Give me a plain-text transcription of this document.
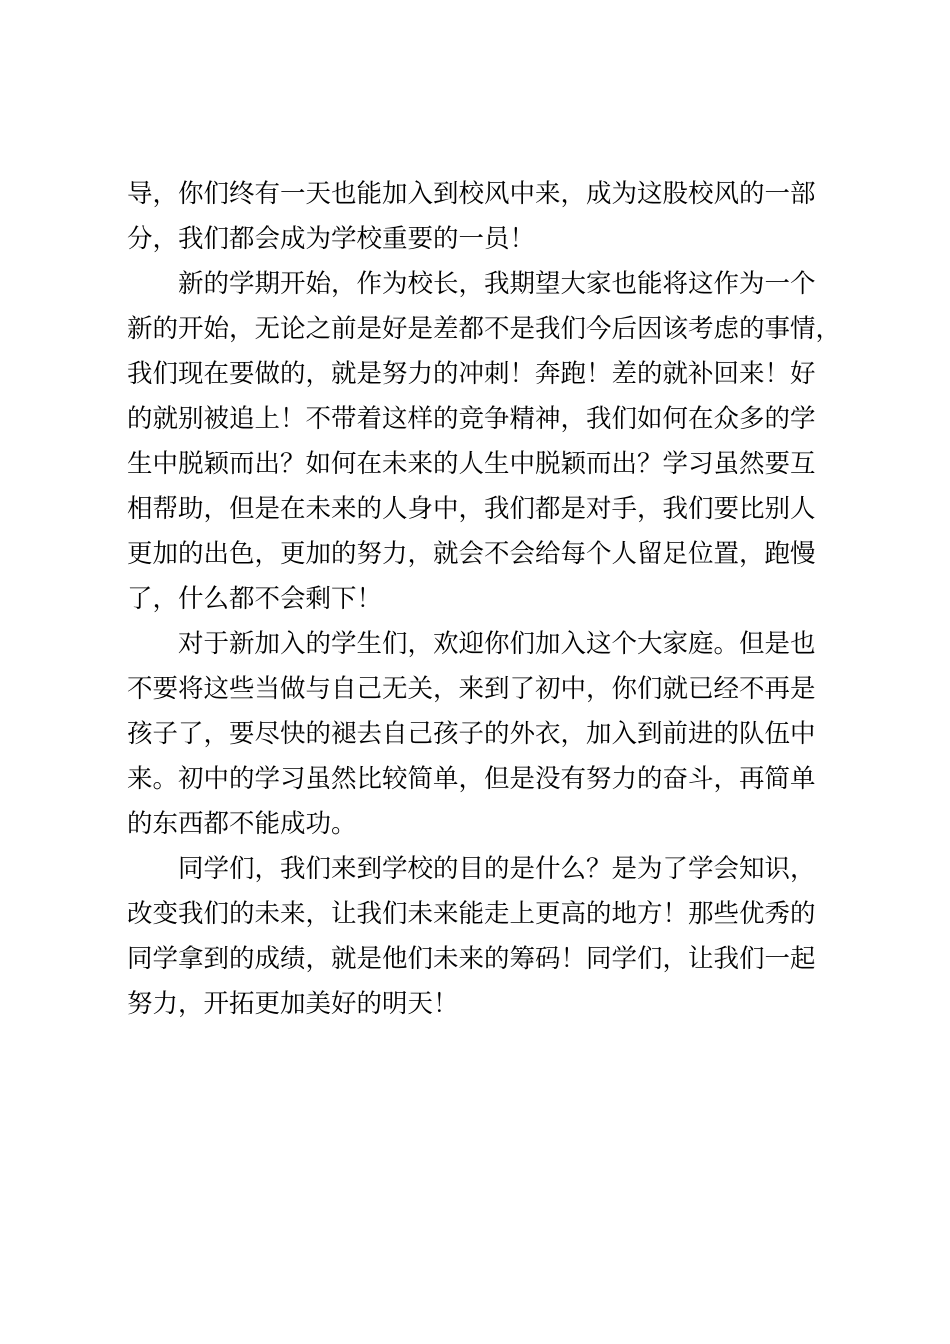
导，你们终有一天也能加入到校风中来，成为这股校风的一部
分，我们都会成为学校重要的一员！
新的学期开始，作为校长，我期望大家也能将这作为一个
新的开始，无论之前是好是差都不是我们今后因该考虑的事情，
我们现在要做的，就是努力的冲刺！奔跑！差的就补回来！好
的就别被追上！不带着这样的竞争精神，我们如何在众多的学
生中脱颖而出？如何在未来的人生中脱颖而出？学习虽然要互
相帮助，但是在未来的人身中，我们都是对手，我们要比别人
更加的出色，更加的努力，就会不会给每个人留足位置，跑慢
了，什么都不会剩下！
对于新加入的学生们，欢迎你们加入这个大家庭。但是也
不要将这些当做与自己无关，来到了初中，你们就已经不再是
孩子了，要尽快的褪去自己孩子的外衣，加入到前进的队伍中
来。初中的学习虽然比较简单，但是没有努力的奋斗，再简单
的东西都不能成功。
同学们，我们来到学校的目的是什么？是为了学会知识，
改变我们的未来，让我们未来能走上更高的地方！那些优秀的
同学拿到的成绩，就是他们未来的筹码！同学们，让我们一起
努力，开拓更加美好的明天！
